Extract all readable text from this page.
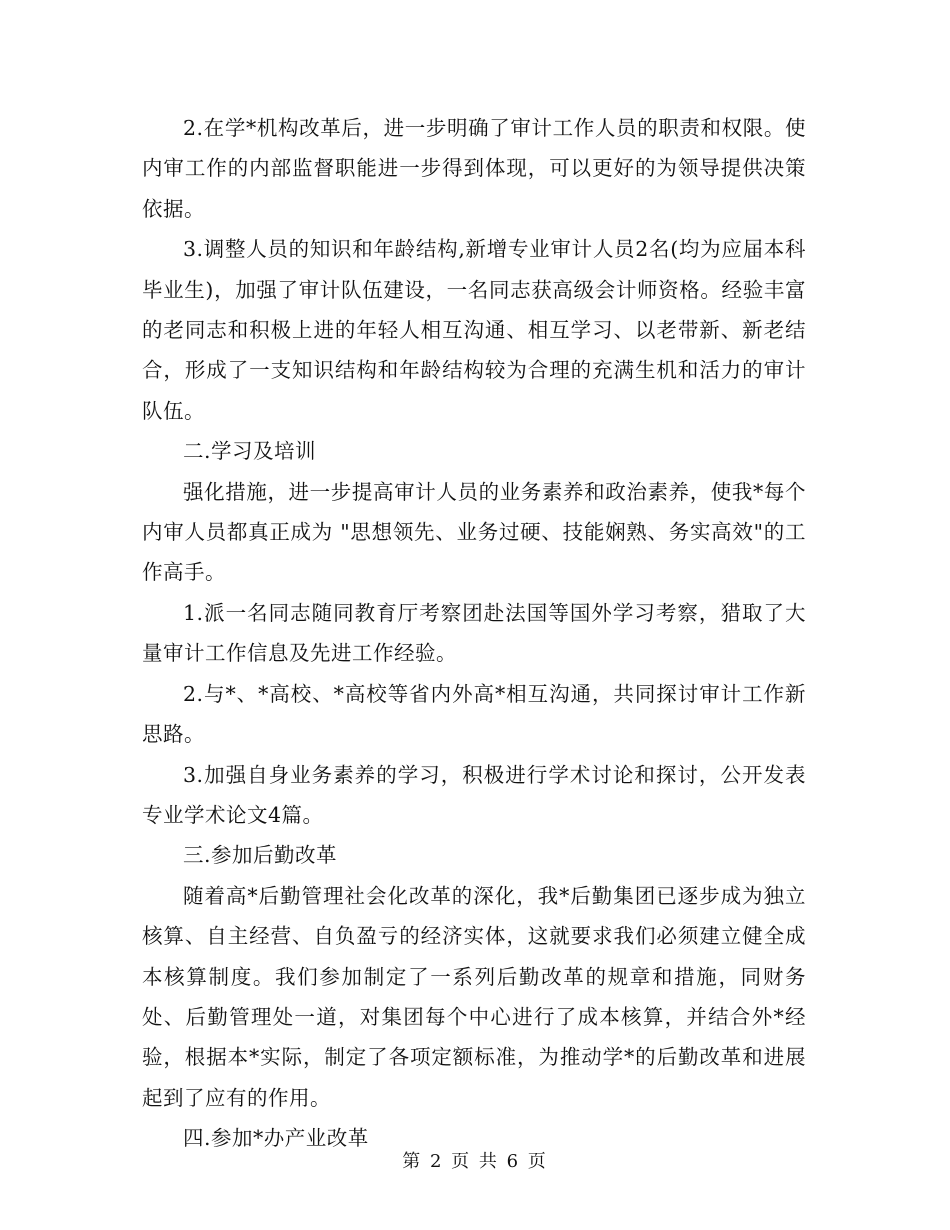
2.在学*机构改革后，进一步明确了审计工作人员的职责和权限。使内审工作的内部监督职能进一步得到体现，可以更好的为领导提供决策依据。

3.调整人员的知识和年龄结构,新增专业审计人员2名(均为应届本科毕业生)，加强了审计队伍建设，一名同志获高级会计师资格。经验丰富的老同志和积极上进的年轻人相互沟通、相互学习、以老带新、新老结合，形成了一支知识结构和年龄结构较为合理的充满生机和活力的审计队伍。

二.学习及培训

强化措施，进一步提高审计人员的业务素养和政治素养，使我*每个内审人员都真正成为 "思想领先、业务过硬、技能娴熟、务实高效"的工作高手。

1.派一名同志随同教育厅考察团赴法国等国外学习考察，猎取了大量审计工作信息及先进工作经验。

2.与*、*高校、*高校等省内外高*相互沟通，共同探讨审计工作新思路。

3.加强自身业务素养的学习，积极进行学术讨论和探讨，公开发表专业学术论文4篇。

三.参加后勤改革

随着高*后勤管理社会化改革的深化，我*后勤集团已逐步成为独立核算、自主经营、自负盈亏的经济实体，这就要求我们必须建立健全成本核算制度。我们参加制定了一系列后勤改革的规章和措施，同财务处、后勤管理处一道，对集团每个中心进行了成本核算，并结合外*经验，根据本*实际，制定了各项定额标准，为推动学*的后勤改革和进展起到了应有的作用。

四.参加*办产业改革

第 2 页 共 6 页
